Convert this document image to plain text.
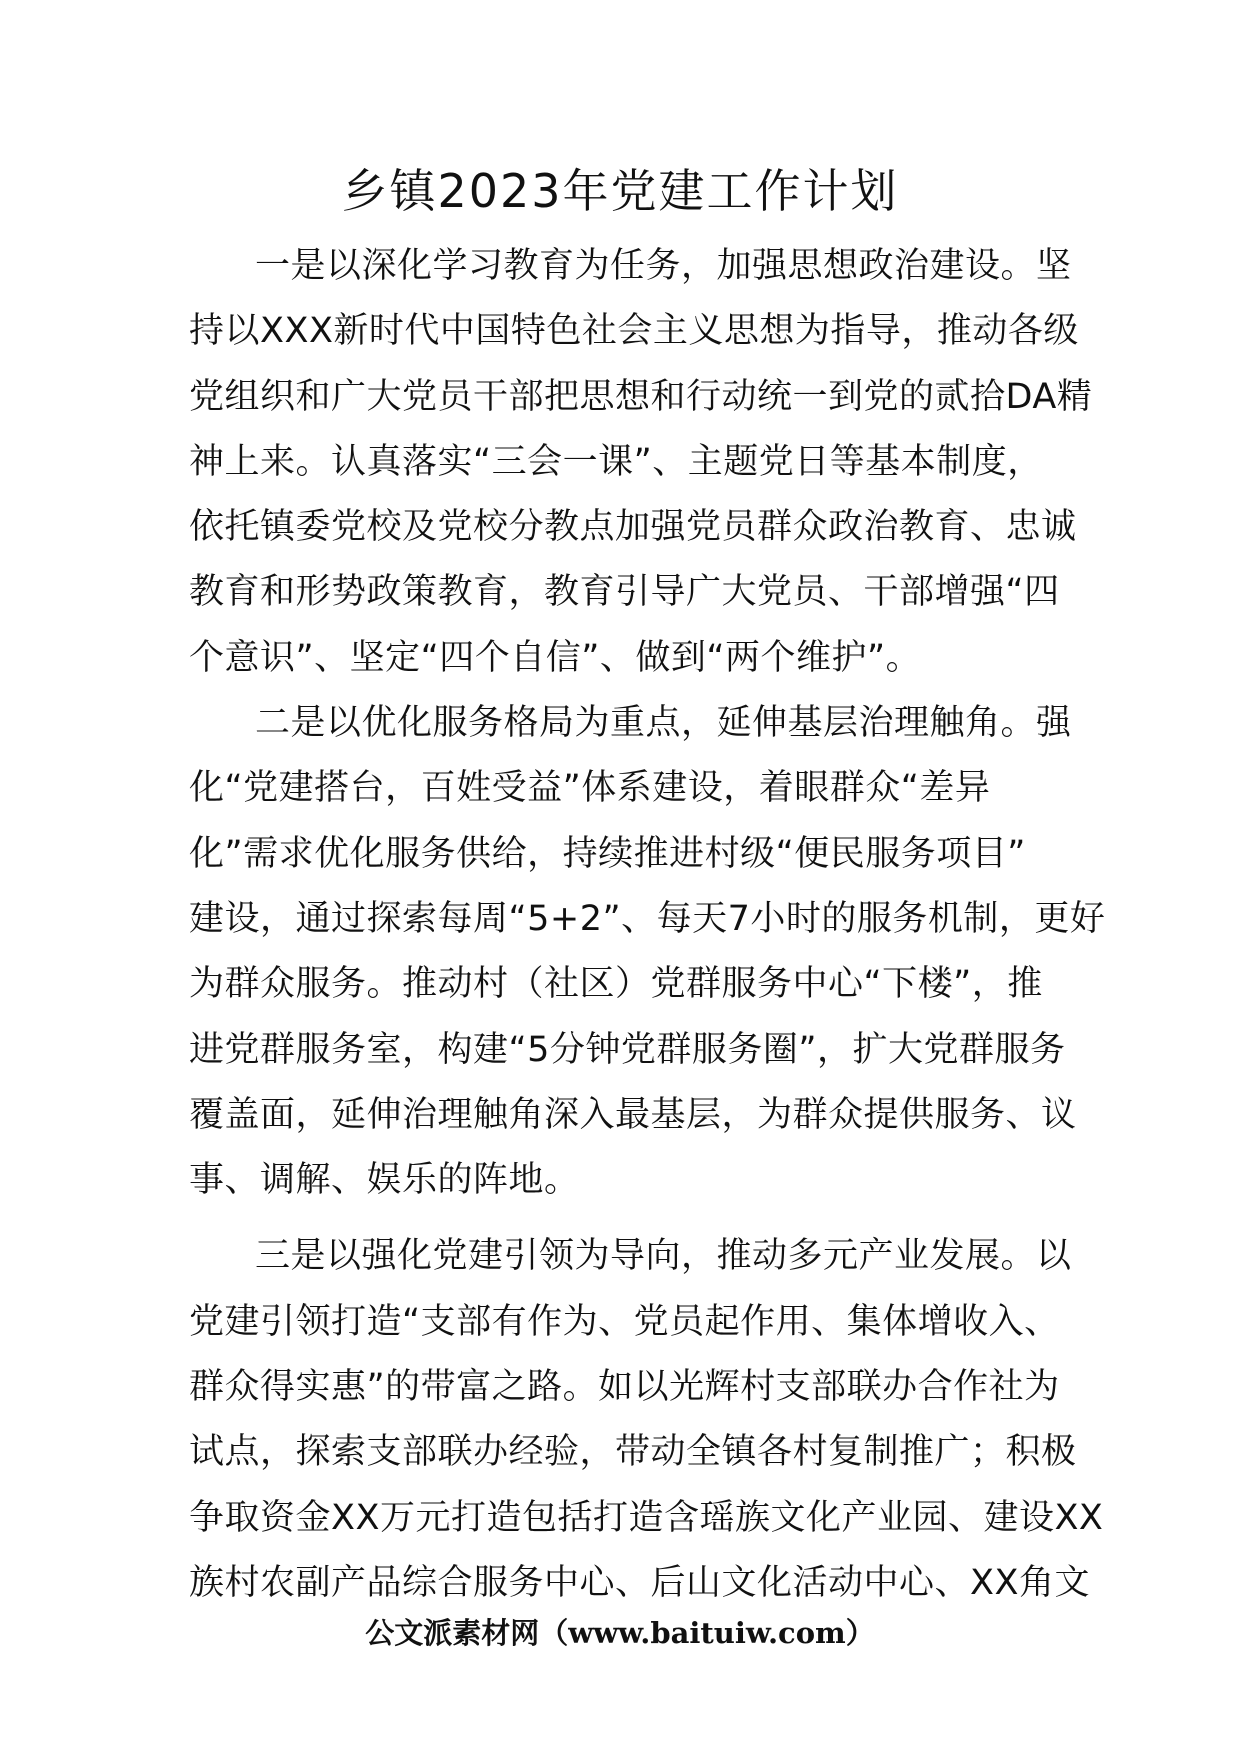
乡镇2023年党建工作计划
一是以深化学习教育为任务，加强思想政治建设。坚
持以XXX新时代中国特色社会主义思想为指导，推动各级
党组织和广大党员干部把思想和行动统一到党的贰拾DA精
神上来。认真落实“三会一课”、主题党日等基本制度，
依托镇委党校及党校分教点加强党员群众政治教育、忠诚
教育和形势政策教育，教育引导广大党员、干部增强“四
个意识”、坚定“四个自信”、做到“两个维护”。
二是以优化服务格局为重点，延伸基层治理触角。强
化“党建搭台，百姓受益”体系建设，着眼群众“差异
化”需求优化服务供给，持续推进村级“便民服务项目”
建设，通过探索每周“5+2”、每天7小时的服务机制，更好
为群众服务。推动村（社区）党群服务中心“下楼”，推
进党群服务室，构建“5分钟党群服务圈”，扩大党群服务
覆盖面，延伸治理触角深入最基层，为群众提供服务、议
事、调解、娱乐的阵地。
三是以强化党建引领为导向，推动多元产业发展。以
党建引领打造“支部有作为、党员起作用、集体增收入、
群众得实惠”的带富之路。如以光辉村支部联办合作社为
试点，探索支部联办经验，带动全镇各村复制推广；积极
争取资金XX万元打造包括打造含瑶族文化产业园、建设XX
族村农副产品综合服务中心、后山文化活动中心、XX角文
公文派素材网（www.baituiw.com）
